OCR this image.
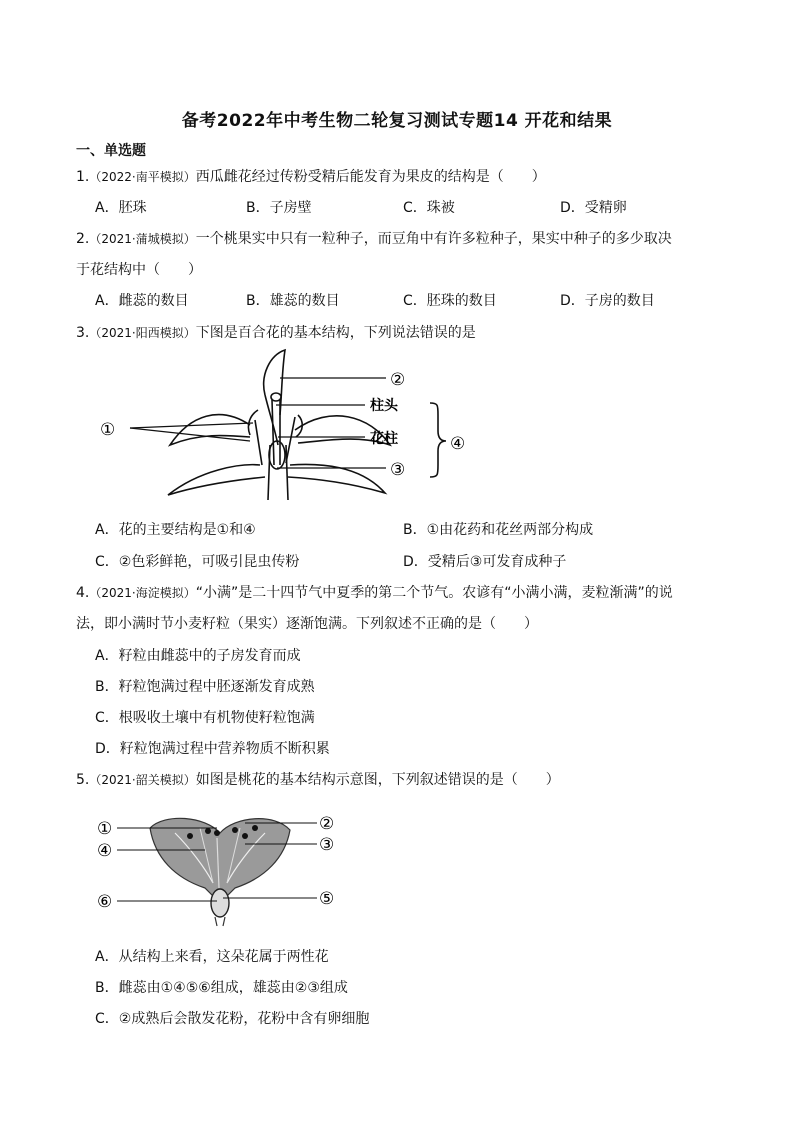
备考2022年中考生物二轮复习测试专题14 开花和结果
一、单选题
1.（2022·南平模拟）西瓜雌花经过传粉受精后能发育为果皮的结构是（　　）
A．胚珠	B．子房壁	C．珠被	D．受精卵
2.（2021·蒲城模拟）一个桃果实中只有一粒种子，而豆角中有许多粒种子，果实中种子的多少取决
于花结构中（　　）
A．雌蕊的数目	B．雄蕊的数目	C．胚珠的数目	D．子房的数目
3.（2021·阳西模拟）下图是百合花的基本结构，下列说法错误的是
①
②
③
④
柱头
花柱
A．花的主要结构是①和④	B．①由花药和花丝两部分构成
C．②色彩鲜艳，可吸引昆虫传粉	D．受精后③可发育成种子
4.（2021·海淀模拟）“小满”是二十四节气中夏季的第二个节气。农谚有“小满小满，麦粒渐满”的说
法，即小满时节小麦籽粒（果实）逐渐饱满。下列叙述不正确的是（　　）
A．籽粒由雌蕊中的子房发育而成
B．籽粒饱满过程中胚逐渐发育成熟
C．根吸收土壤中有机物使籽粒饱满
D．籽粒饱满过程中营养物质不断积累
5.（2021·韶关模拟）如图是桃花的基本结构示意图，下列叙述错误的是（　　）
①
④
⑥
②
③
⑤
A．从结构上来看，这朵花属于两性花
B．雌蕊由①④⑤⑥组成，雄蕊由②③组成
C．②成熟后会散发花粉，花粉中含有卵细胞
